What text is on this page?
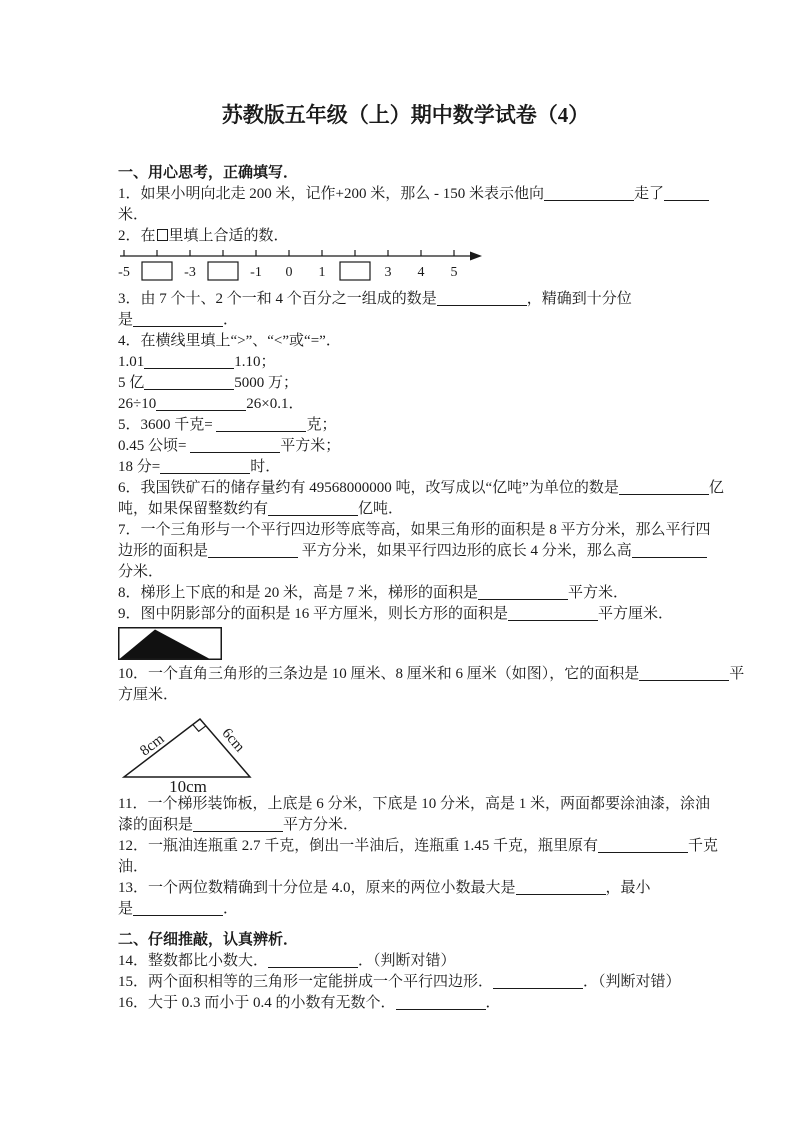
苏教版五年级（上）期中数学试卷（4）
一、用心思考，正确填写．
1．如果小明向北走 200 米，记作+200 米，那么 - 150 米表示他向	走了
米．
2．在 里填上合适的数．
-5	-3	-1 0 1	3 4 5
3．由 7 个十、2 个一和 4 个百分之一组成的数是	，精确到十分位
是	．
4．在横线里填上“>”、“<”或“=”．
1.01	1.10；
5 亿	5000 万；
26÷10	26×0.1．
5．3600 千克=	克；
0.45 公顷=	平方米；
18 分=	时．
6．我国铁矿石的储存量约有 49568000000 吨，改写成以“亿吨”为单位的数是	亿
吨，如果保留整数约有	亿吨．
7．一个三角形与一个平行四边形等底等高，如果三角形的面积是 8 平方分米，那么平行四
边形的面积是	平方分米，如果平行四边形的底长 4 分米，那么高
分米．
8．梯形上下底的和是 20 米，高是 7 米，梯形的面积是	平方米．
9．图中阴影部分的面积是 16 平方厘米，则长方形的面积是	平方厘米．
10．一个直角三角形的三条边是 10 厘米、8 厘米和 6 厘米（如图），它的面积是	平
方厘米．
8cm	6cm
10cm
11．一个梯形装饰板，上底是 6 分米，下底是 10 分米，高是 1 米，两面都要涂油漆，涂油
漆的面积是	平方分米．
12．一瓶油连瓶重 2.7 千克，倒出一半油后，连瓶重 1.45 千克，瓶里原有	千克
油．
13．一个两位数精确到十分位是 4.0，原来的两位小数最大是	，最小
是	．
二、仔细推敲，认真辨析．
14．整数都比小数大．	．（判断对错）
15．两个面积相等的三角形一定能拼成一个平行四边形．	．（判断对错）
16．大于 0.3 而小于 0.4 的小数有无数个．	．
